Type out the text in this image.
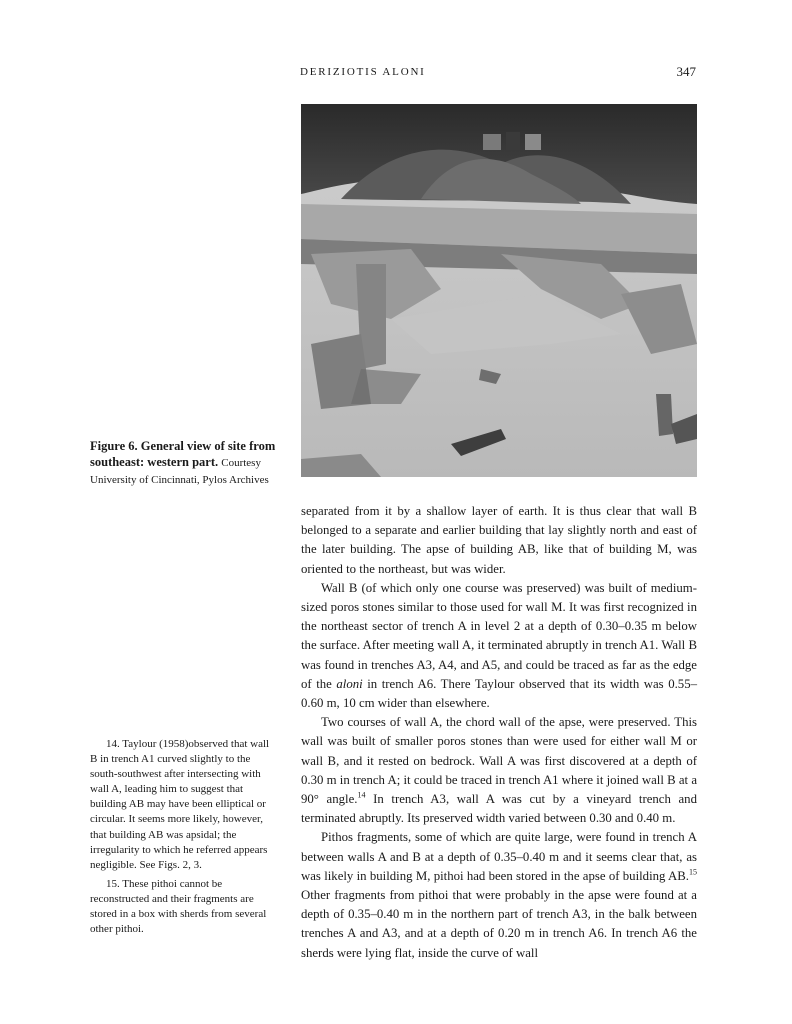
DERIZIOTIS ALONI	347
Figure 6. General view of site from southeast: western part. Courtesy University of Cincinnati, Pylos Archives

separated from it by a shallow layer of earth. It is thus clear that wall B belonged to a separate and earlier building that lay slightly north and east of the later building. The apse of building AB, like that of building M, was oriented to the northeast, but was wider.

Wall B (of which only one course was preserved) was built of medium-sized poros stones similar to those used for wall M. It was first recognized in the northeast sector of trench A in level 2 at a depth of 0.30–0.35 m below the surface. After meeting wall A, it terminated abruptly in trench A1. Wall B was found in trenches A3, A4, and A5, and could be traced as far as the edge of the aloni in trench A6. There Taylour observed that its width was 0.55–0.60 m, 10 cm wider than elsewhere.

Two courses of wall A, the chord wall of the apse, were preserved. This wall was built of smaller poros stones than were used for either wall M or wall B, and it rested on bedrock. Wall A was first discovered at a depth of 0.30 m in trench A; it could be traced in trench A1 where it joined wall B at a 90° angle.$^{14}$ In trench A3, wall A was cut by a vineyard trench and terminated abruptly. Its preserved width varied between 0.30 and 0.40 m.

Pithos fragments, some of which are quite large, were found in trench A between walls A and B at a depth of 0.35–0.40 m and it seems clear that, as was likely in building M, pithoi had been stored in the apse of building AB.$^{15}$ Other fragments from pithoi that were probably in the apse were found at a depth of 0.35–0.40 m in the northern part of trench A3, in the balk between trenches A and A3, and at a depth of 0.20 m in trench A6. In trench A6 the sherds were lying flat, inside the curve of wall

14. Taylour (1958)observed that wall B in trench A1 curved slightly to the south-southwest after intersecting with wall A, leading him to suggest that building AB may have been elliptical or circular. It seems more likely, however, that building AB was apsidal; the irregularity to which he referred appears negligible. See Figs. 2, 3.

15. These pithoi cannot be reconstructed and their fragments are stored in a box with sherds from several other pithoi.
